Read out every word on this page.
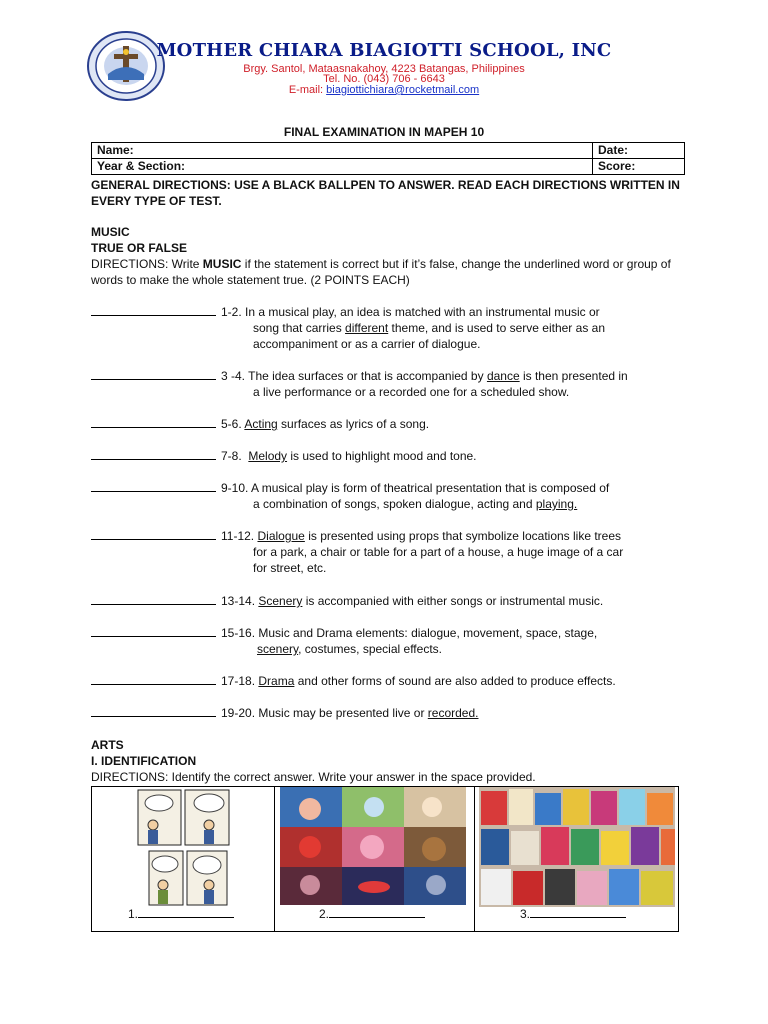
MOTHER CHIARA BIAGIOTTI SCHOOL, INC
Brgy. Santol, Mataasnakahoy, 4223 Batangas, Philippines
Tel. No. (043) 706 - 6643
E-mail: biagiottichiara@rocketmail.com
FINAL EXAMINATION IN MAPEH 10
Name:	Date:
Year & Section:	Score:
GENERAL DIRECTIONS: USE A BLACK BALLPEN TO ANSWER. READ EACH DIRECTIONS WRITTEN IN EVERY TYPE OF TEST.
MUSIC
TRUE OR FALSE
DIRECTIONS: Write MUSIC if the statement is correct but if it’s false, change the underlined word or group of words to make the whole statement true. (2 POINTS EACH)
1-2. In a musical play, an idea is matched with an instrumental music or
song that carries different theme, and is used to serve either as an
accompaniment or as a carrier of dialogue.
3 -4. The idea surfaces or that is accompanied by dance is then presented in
a live performance or a recorded one for a scheduled show.
5-6. Acting surfaces as lyrics of a song.
7-8. Melody is used to highlight mood and tone.
9-10. A musical play is form of theatrical presentation that is composed of
a combination of songs, spoken dialogue, acting and playing.
11-12. Dialogue is presented using props that symbolize locations like trees
for a park, a chair or table for a part of a house, a huge image of a car
for street, etc.
13-14. Scenery is accompanied with either songs or instrumental music.
15-16. Music and Drama elements: dialogue, movement, space, stage,
scenery, costumes, special effects.
17-18. Drama and other forms of sound are also added to produce effects.
19-20. Music may be presented live or recorded.
ARTS
I. IDENTIFICATION
DIRECTIONS: Identify the correct answer. Write your answer in the space provided.
1.	2.	3.
